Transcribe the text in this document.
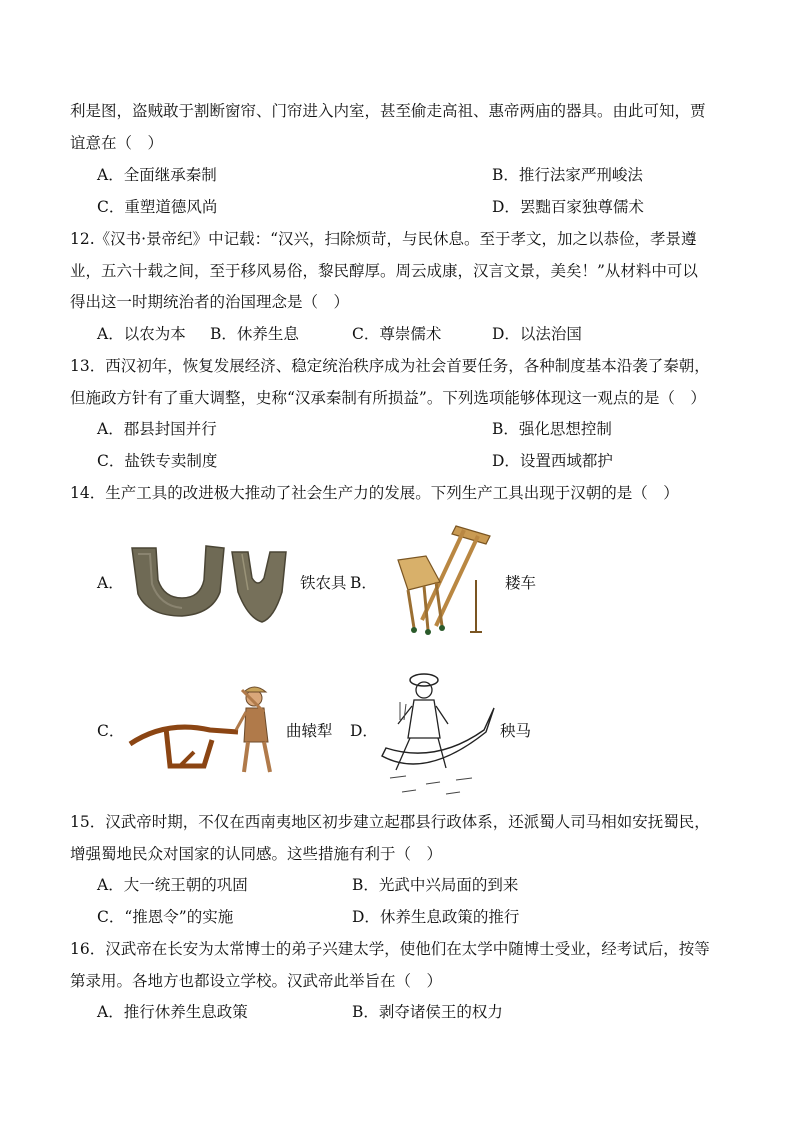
利是图，盗贼敢于割断窗帘、门帘进入内室，甚至偷走高祖、惠帝两庙的器具。由此可知，贾
谊意在（　）
A．全面继承秦制	B．推行法家严刑峻法
C．重塑道德风尚	D．罢黜百家独尊儒术
12.《汉书·景帝纪》中记载：“汉兴，扫除烦苛，与民休息。至于孝文，加之以恭俭，孝景遵
业，五六十载之间，至于移风易俗，黎民醇厚。周云成康，汉言文景，美矣！”从材料中可以
得出这一时期统治者的治国理念是（　）
A．以农为本 B．休养生息	C．尊崇儒术	D．以法治国
13．西汉初年，恢复发展经济、稳定统治秩序成为社会首要任务，各种制度基本沿袭了秦朝，
但施政方针有了重大调整，史称“汉承秦制有所损益”。下列选项能够体现这一观点的是（　）
A．郡县封国并行	B．强化思想控制
C．盐铁专卖制度	D．设置西域都护
14．生产工具的改进极大推动了社会生产力的发展。下列生产工具出现于汉朝的是（　）
A．	铁农具 B．	耧车
C．	曲辕犁 D．	秧马
15．汉武帝时期，不仅在西南夷地区初步建立起郡县行政体系，还派蜀人司马相如安抚蜀民，
增强蜀地民众对国家的认同感。这些措施有利于（　）
A．大一统王朝的巩固	B．光武中兴局面的到来
C．“推恩令”的实施	D．休养生息政策的推行
16．汉武帝在长安为太常博士的弟子兴建太学，使他们在太学中随博士受业，经考试后，按等
第录用。各地方也都设立学校。汉武帝此举旨在（　）
A．推行休养生息政策	B．剥夺诸侯王的权力
